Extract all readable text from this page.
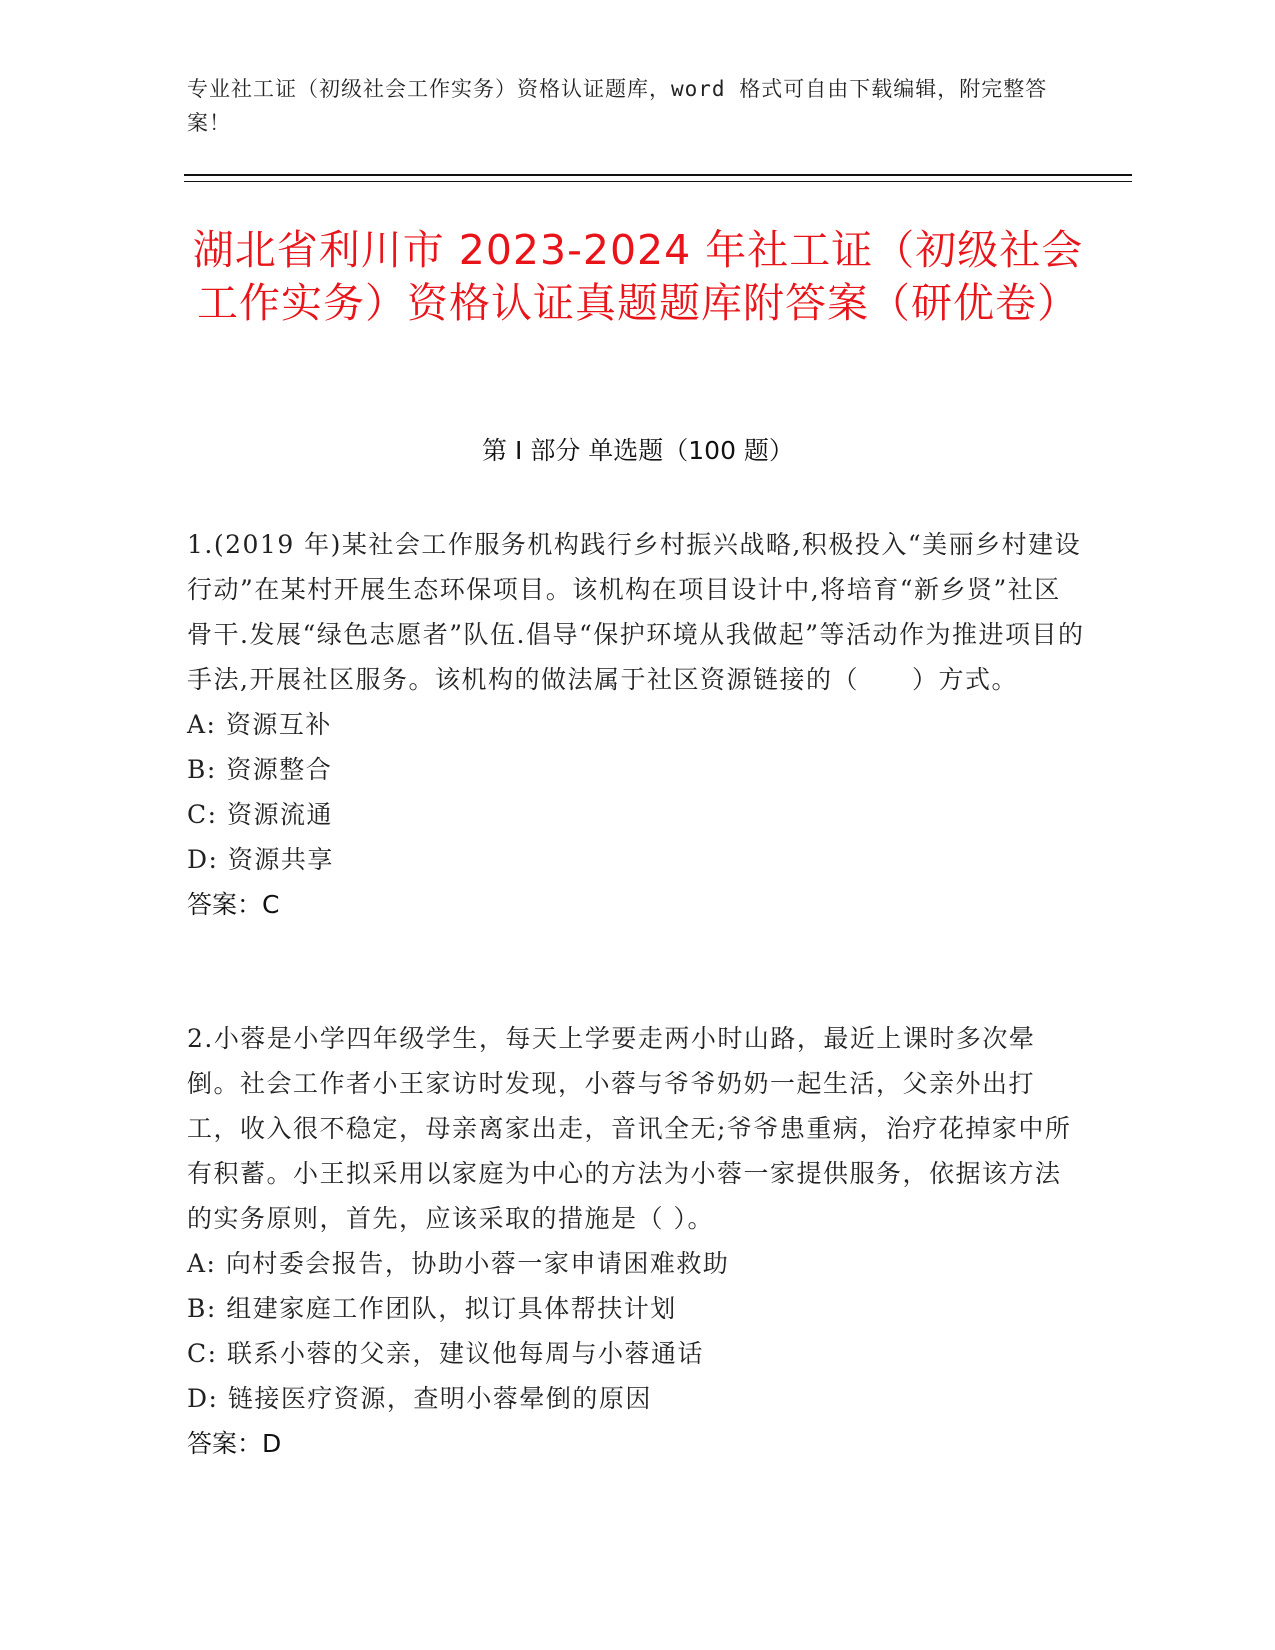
专业社工证（初级社会工作实务）资格认证题库，word 格式可自由下载编辑，附完整答案！
湖北省利川市 2023-2024 年社工证（初级社会工作实务）资格认证真题题库附答案（研优卷）
第 I 部分 单选题（100 题）

1.(2019 年)某社会工作服务机构践行乡村振兴战略,积极投入“美丽乡村建设行动”在某村开展生态环保项目。该机构在项目设计中,将培育“新乡贤”社区骨干.发展“绿色志愿者”队伍.倡导“保护环境从我做起”等活动作为推进项目的手法,开展社区服务。该机构的做法属于社区资源链接的（　　）方式。

A: 资源互补

B: 资源整合

C: 资源流通

D: 资源共享

答案：C

2.小蓉是小学四年级学生，每天上学要走两小时山路，最近上课时多次晕倒。社会工作者小王家访时发现，小蓉与爷爷奶奶一起生活，父亲外出打工，收入很不稳定，母亲离家出走，音讯全无;爷爷患重病，治疗花掉家中所有积蓄。小王拟采用以家庭为中心的方法为小蓉一家提供服务，依据该方法的实务原则，首先，应该采取的措施是（ ）。

A: 向村委会报告，协助小蓉一家申请困难救助

B: 组建家庭工作团队，拟订具体帮扶计划

C: 联系小蓉的父亲，建议他每周与小蓉通话

D: 链接医疗资源，查明小蓉晕倒的原因

答案：D
